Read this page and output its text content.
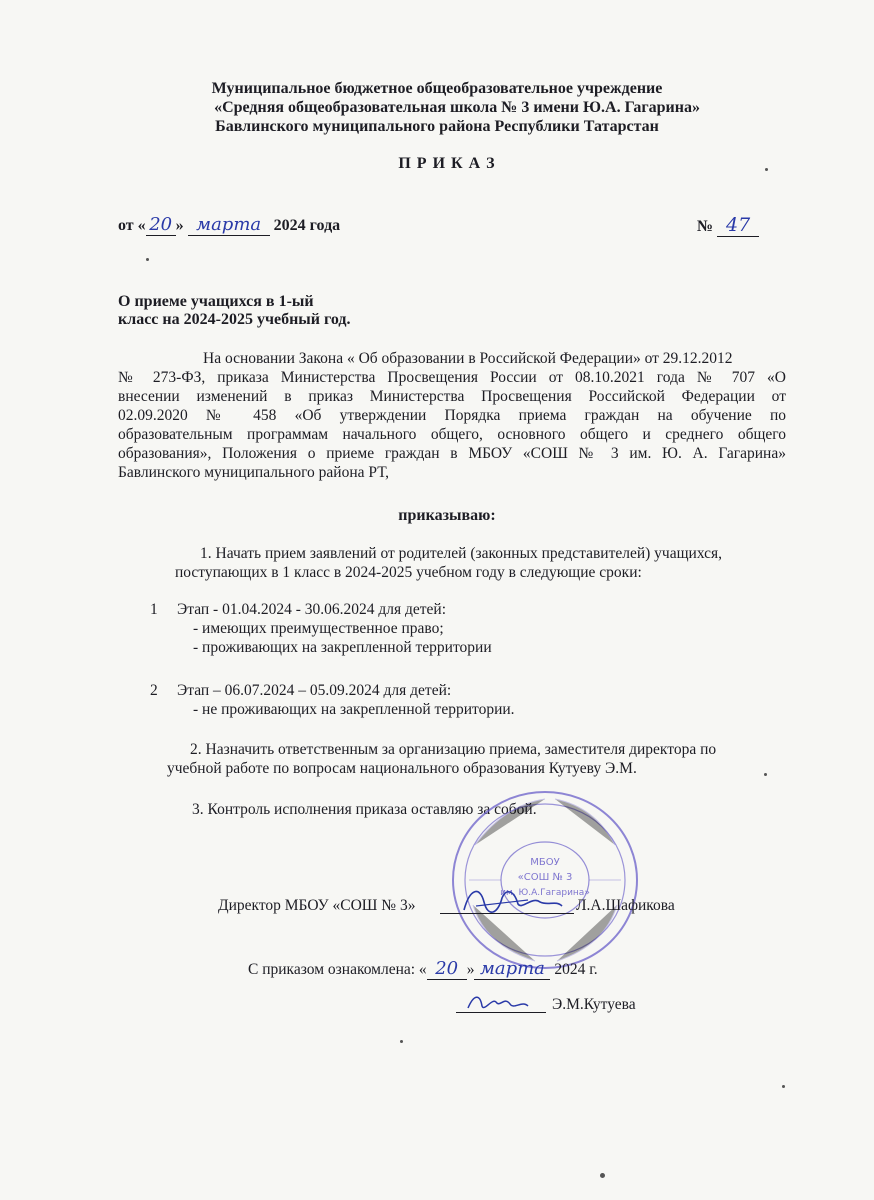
Муниципальное бюджетное общеобразовательное учреждение
«Средняя общеобразовательная школа № 3 имени Ю.А. Гагарина»
Бавлинского муниципального района Республики Татарстан
П Р И К А З
от « 20 » марта 2024 года	№ 47
О приеме учащихся в 1-ый
класс на 2024-2025 учебный год.
На основании Закона « Об образовании в Российской Федерации» от 29.12.2012
№ 273-ФЗ, приказа Министерства Просвещения России от 08.10.2021 года № 707 «О
внесении изменений в приказ Министерства Просвещения Российской Федерации от
02.09.2020 № 458 «Об утверждении Порядка приема граждан на обучение по
образовательным программам начального общего, основного общего и среднего общего
образования», Положения о приеме граждан в МБОУ «СОШ № 3 им. Ю. А. Гагарина»
Бавлинского муниципального района РТ,
приказываю:
1. Начать прием заявлений от родителей (законных представителей) учащихся,
поступающих в 1 класс в 2024-2025 учебном году в следующие сроки:
1 Этап - 01.04.2024 - 30.06.2024 для детей:
- имеющих преимущественное право;
- проживающих на закрепленной территории
2 Этап – 06.07.2024 – 05.09.2024 для детей:
- не проживающих на закрепленной территории.
2. Назначить ответственным за организацию приема, заместителя директора по
учебной работе по вопросам национального образования Кутуеву Э.М.
3. Контроль исполнения приказа оставляю за собой.
МБОУ
«СОШ № 3
им. Ю.А.Гагарина»
Директор МБОУ «СОШ № 3»	Л.А.Шафикова
С приказом ознакомлена: « 20 » марта 2024 г.
Э.М.Кутуева
